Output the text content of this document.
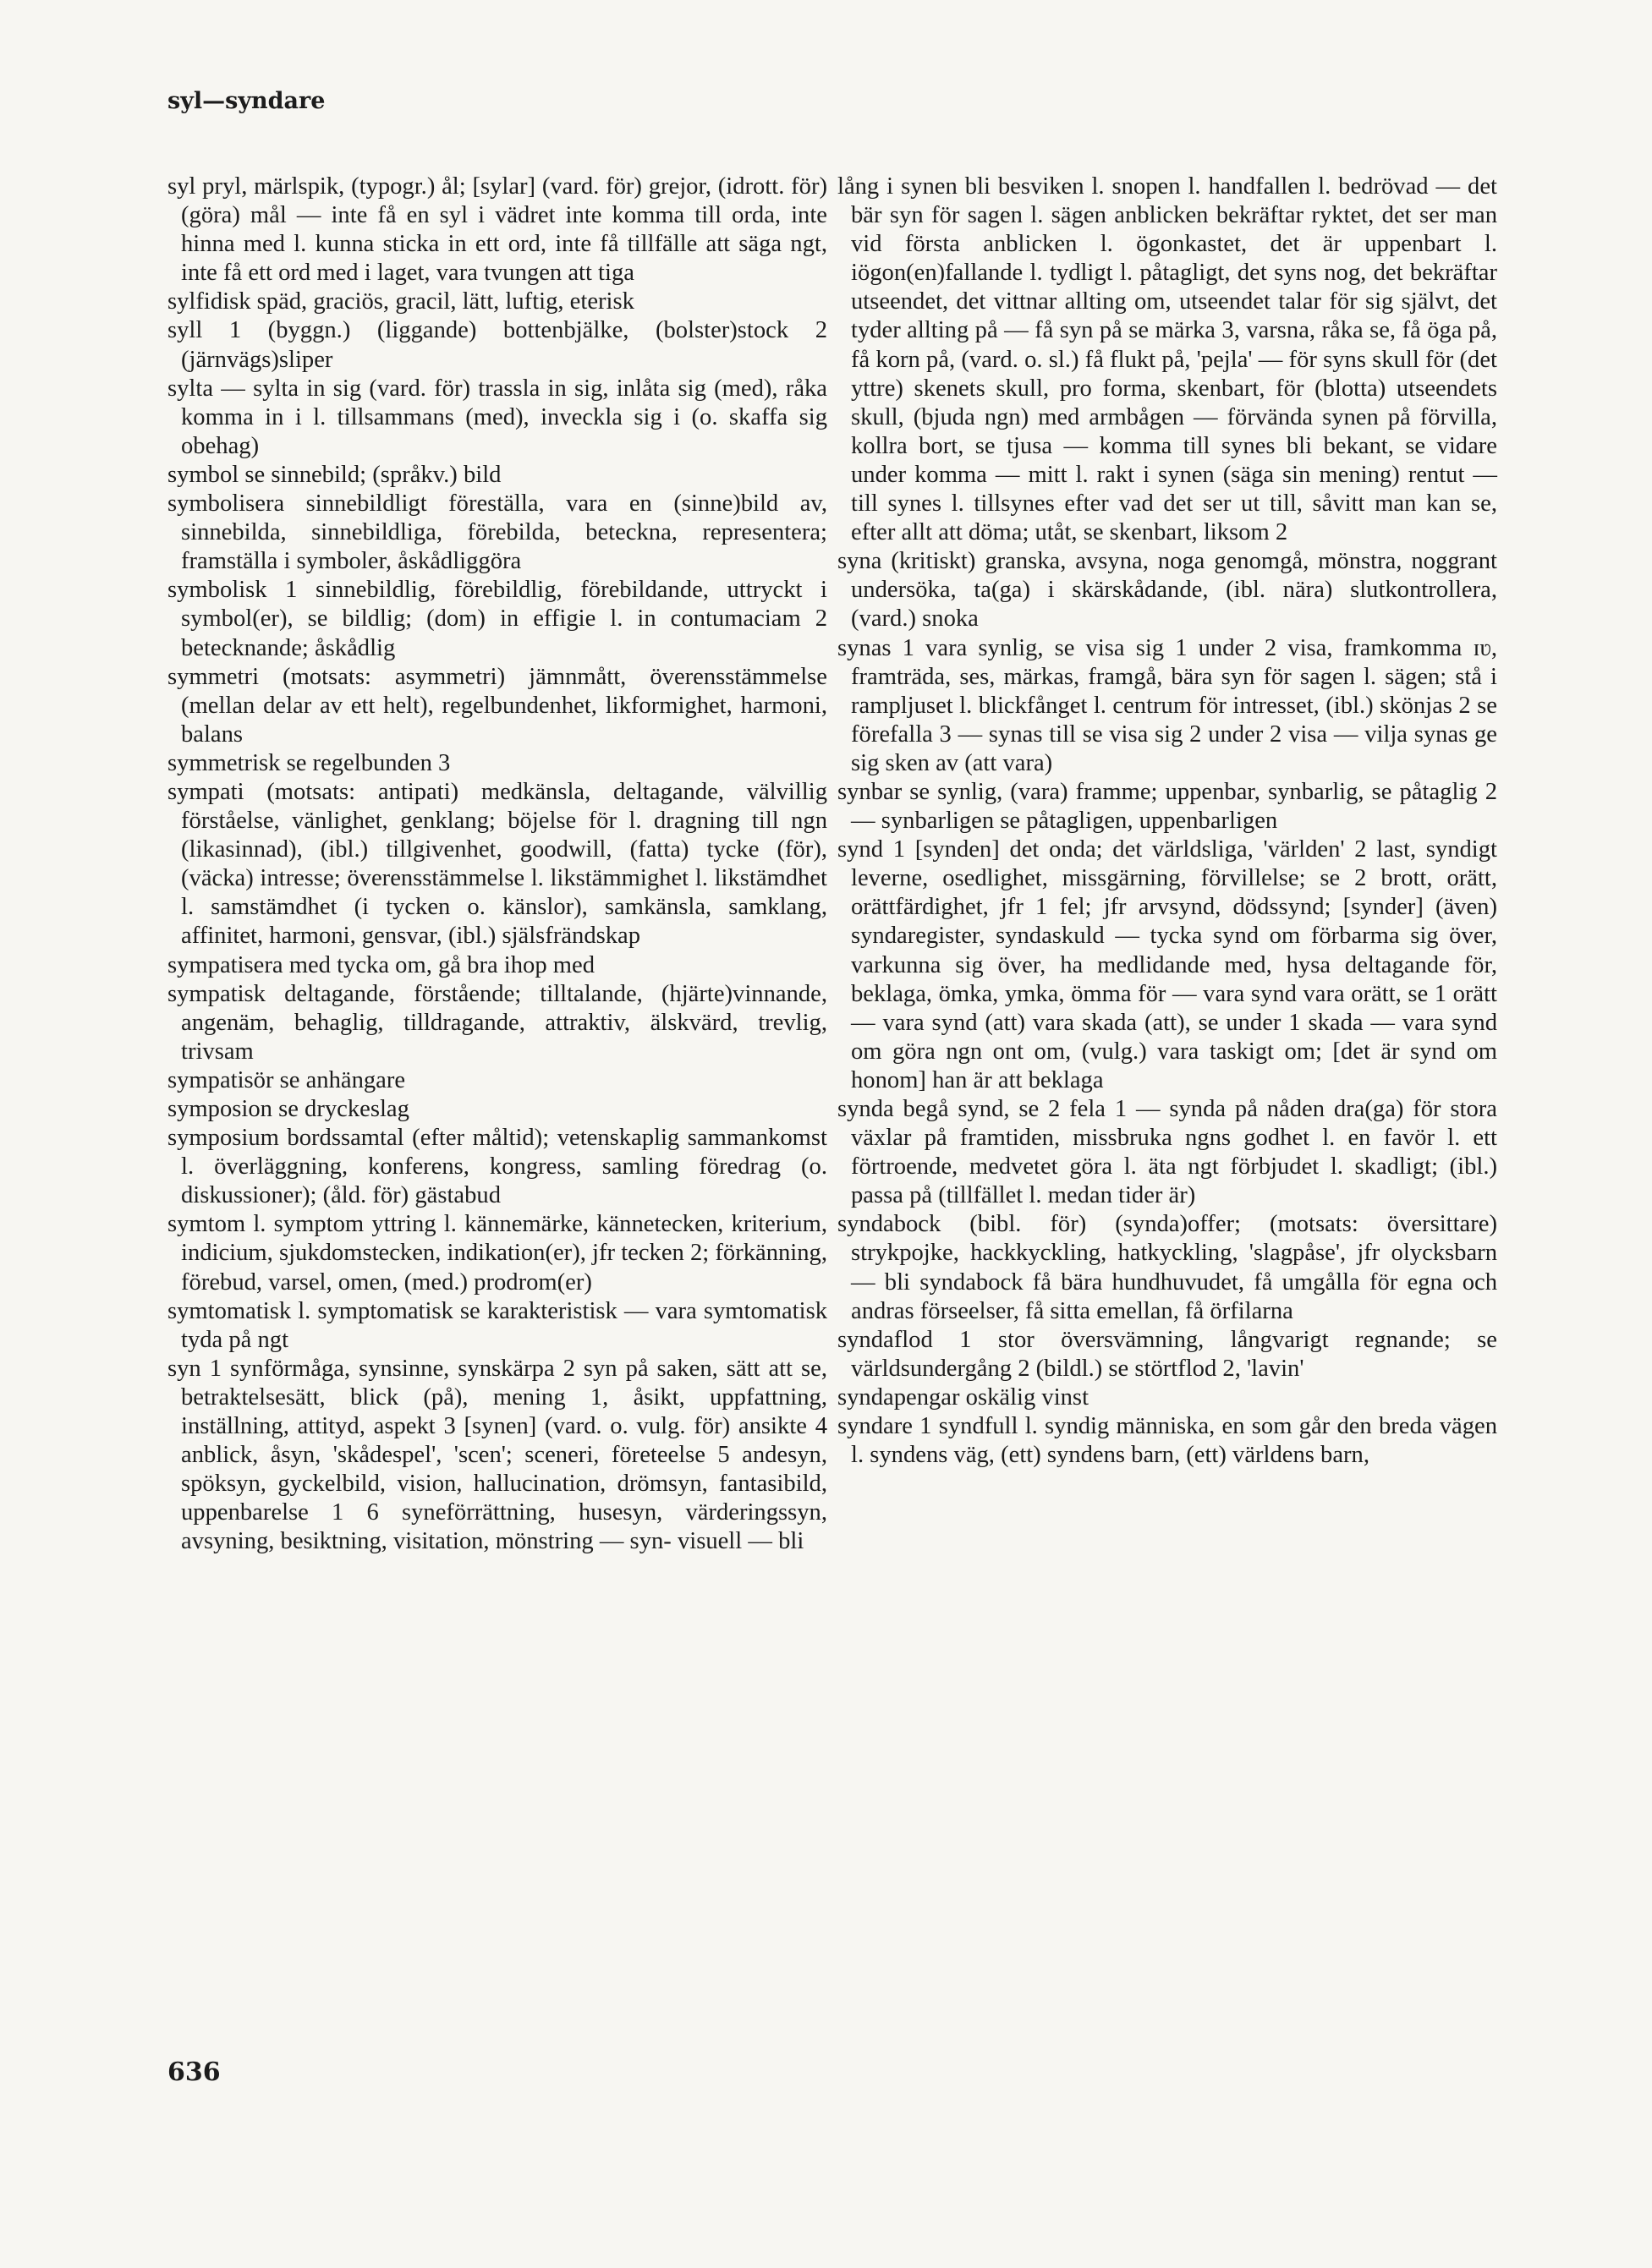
syl—syndare

syl pryl, märlspik, (typogr.) ål; [sylar] (vard. för) grejor, (idrott. för) (göra) mål — inte få en syl i vädret inte komma till orda, inte hinna med l. kunna sticka in ett ord, inte få tillfälle att säga ngt, inte få ett ord med i laget, vara tvungen att tiga

sylfidisk späd, graciös, gracil, lätt, luftig, eterisk

syll 1 (byggn.) (liggande) bottenbjälke, (bolster)stock 2 (järnvägs)sliper

sylta — sylta in sig (vard. för) trassla in sig, inlåta sig (med), råka komma in i l. tillsammans (med), inveckla sig i (o. skaffa sig obehag)

symbol se sinnebild; (språkv.) bild

symbolisera sinnebildligt föreställa, vara en (sinne)bild av, sinnebilda, sinnebildliga, förebilda, beteckna, representera; framställa i symboler, åskådliggöra

symbolisk 1 sinnebildlig, förebildlig, förebildande, uttryckt i symbol(er), se bildlig; (dom) in effigie l. in contumaciam 2 betecknande; åskådlig

symmetri (motsats: asymmetri) jämnmått, överensstämmelse (mellan delar av ett helt), regelbundenhet, likformighet, harmoni, balans

symmetrisk se regelbunden 3

sympati (motsats: antipati) medkänsla, deltagande, välvillig förståelse, vänlighet, genklang; böjelse för l. dragning till ngn (likasinnad), (ibl.) tillgivenhet, goodwill, (fatta) tycke (för), (väcka) intresse; överensstämmelse l. likstämmighet l. likstämdhet l. samstämdhet (i tycken o. känslor), samkänsla, samklang, affinitet, harmoni, gensvar, (ibl.) själsfrändskap

sympatisera med tycka om, gå bra ihop med

sympatisk deltagande, förstående; tilltalande, (hjärte)vinnande, angenäm, behaglig, tilldragande, attraktiv, älskvärd, trevlig, trivsam

sympatisör se anhängare

symposion se dryckeslag

symposium bordssamtal (efter måltid); vetenskaplig sammankomst l. överläggning, konferens, kongress, samling föredrag (o. diskussioner); (åld. för) gästabud

symtom l. symptom yttring l. kännemärke, kännetecken, kriterium, indicium, sjukdomstecken, indikation(er), jfr tecken 2; förkänning, förebud, varsel, omen, (med.) prodrom(er)

symtomatisk l. symptomatisk se karakteristisk — vara symtomatisk tyda på ngt

syn 1 synförmåga, synsinne, synskärpa 2 syn på saken, sätt att se, betraktelsesätt, blick (på), mening 1, åsikt, uppfattning, inställning, attityd, aspekt 3 [synen] (vard. o. vulg. för) ansikte 4 anblick, åsyn, 'skådespel', 'scen'; sceneri, företeelse 5 andesyn, spöksyn, gyckelbild, vision, hallucination, drömsyn, fantasibild, uppenbarelse 1 6 syneförrättning, husesyn, värderingssyn, avsyning, besiktning, visitation, mönstring — syn- visuell — bli

lång i synen bli besviken l. snopen l. handfallen l. bedrövad — det bär syn för sagen l. sägen anblicken bekräftar ryktet, det ser man vid första anblicken l. ögonkastet, det är uppenbart l. iögon(en)fallande l. tydligt l. påtagligt, det syns nog, det bekräftar utseendet, det vittnar allting om, utseendet talar för sig självt, det tyder allting på — få syn på se märka 3, varsna, råka se, få öga på, få korn på, (vard. o. sl.) få flukt på, 'pejla' — för syns skull för (det yttre) skenets skull, pro forma, skenbart, för (blotta) utseendets skull, (bjuda ngn) med armbågen — förvända synen på förvilla, kollra bort, se tjusa — komma till synes bli bekant, se vidare under komma — mitt l. rakt i synen (säga sin mening) rentut — till synes l. tillsynes efter vad det ser ut till, såvitt man kan se, efter allt att döma; utåt, se skenbart, liksom 2

syna (kritiskt) granska, avsyna, noga genomgå, mönstra, noggrant undersöka, ta(ga) i skärskådande, (ibl. nära) slutkontrollera, (vard.) snoka

synas 1 vara synlig, se visa sig 1 under 2 visa, framkomma ɪʋ, framträda, ses, märkas, framgå, bära syn för sagen l. sägen; stå i rampljuset l. blickfånget l. centrum för intresset, (ibl.) skönjas 2 se förefalla 3 — synas till se visa sig 2 under 2 visa — vilja synas ge sig sken av (att vara)

synbar se synlig, (vara) framme; uppenbar, synbarlig, se påtaglig 2 — synbarligen se påtagligen, uppenbarligen

synd 1 [synden] det onda; det världsliga, 'världen' 2 last, syndigt leverne, osedlighet, missgärning, förvillelse; se 2 brott, orätt, orättfärdighet, jfr 1 fel; jfr arvsynd, dödssynd; [synder] (även) syndaregister, syndaskuld — tycka synd om förbarma sig över, varkunna sig över, ha medlidande med, hysa deltagande för, beklaga, ömka, ymka, ömma för — vara synd vara orätt, se 1 orätt — vara synd (att) vara skada (att), se under 1 skada — vara synd om göra ngn ont om, (vulg.) vara taskigt om; [det är synd om honom] han är att beklaga

synda begå synd, se 2 fela 1 — synda på nåden dra(ga) för stora växlar på framtiden, missbruka ngns godhet l. en favör l. ett förtroende, medvetet göra l. äta ngt förbjudet l. skadligt; (ibl.) passa på (tillfället l. medan tider är)

syndabock (bibl. för) (synda)offer; (motsats: översittare) strykpojke, hackkyckling, hatkyckling, 'slagpåse', jfr olycksbarn — bli syndabock få bära hundhuvudet, få umgålla för egna och andras förseelser, få sitta emellan, få örfilarna

syndaflod 1 stor översvämning, långvarigt regnande; se världsundergång 2 (bildl.) se störtflod 2, 'lavin'

syndapengar oskälig vinst

syndare 1 syndfull l. syndig människa, en som går den breda vägen l. syndens väg, (ett) syndens barn, (ett) världens barn,

636
